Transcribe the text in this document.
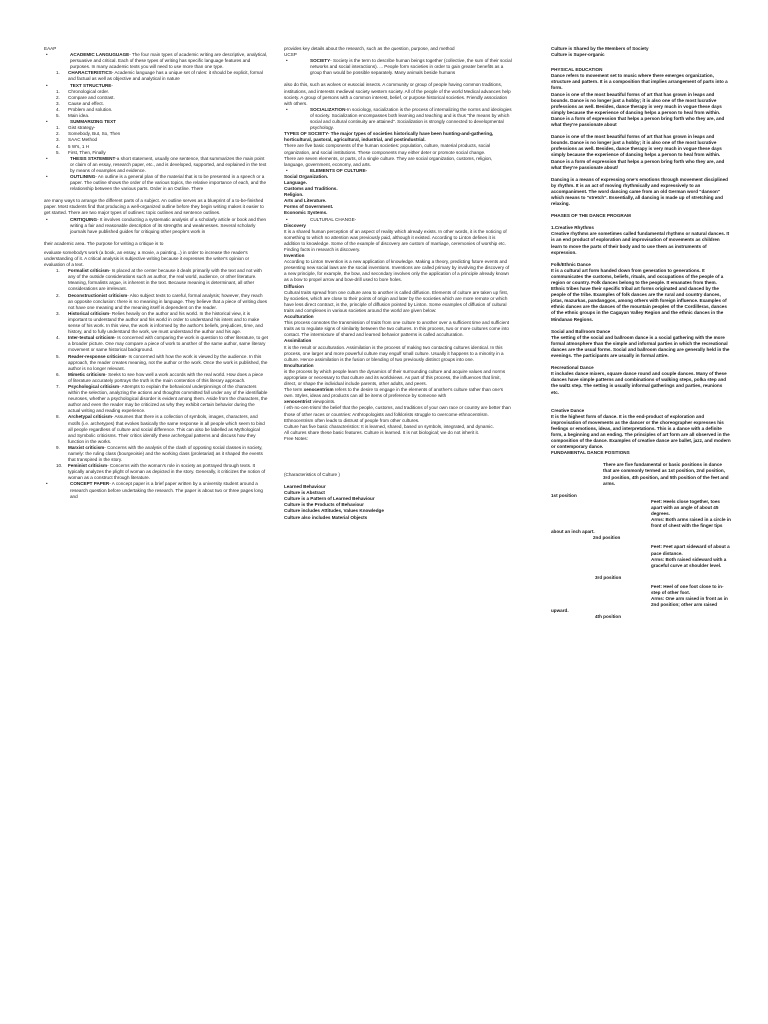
EAAP
•	ACADEMIC LANGUGUAGE- The four main types of academic writing are descriptive, analytical, persuasive and critical. Each of these types of writing has specific language features and purposes. In many academic texts you will need to use more than one type.
1.	CHARACTERISTICS- Academic language has a unique set of rules: it should be explicit, formal and factual as well as objective and analytical in nature
•	TEXT STRUCTURE-
1.	Chronological order.
2.	Compare and contrast.
3.	Cause and effect.
4.	Problem and solution.
5.	Main idea.
•	SUMMARIZING TEXT
1.	Gist strategy-
2.	Somebody, But, So, Then
3.	SAAC Method
4.	5 W's, 1 H
5.	First, Then, Finally
•	THESIS STATEMENT-a short statement, usually one sentence, that summarizes the main point or claim of an essay, research paper, etc., and is developed, supported, and explained in the text by means of examples and evidence.
•	OUTLINING- An outline is a general plan of the material that is to be presented in a speech or a paper. The outline shows the order of the various topics, the relative importance of each, and the relationship between the various parts. Order in an Outline. There
are many ways to arrange the different parts of a subject. An outline serves as a blueprint of a to-be-finished paper. Most students find that producing a well-organized outline before they begin writing makes it easier to get started. There are two major types of outlines: topic outlines and sentence outlines.
•	CRITIQUING- It involves conducting a systematic analysis of a scholarly article or book and then writing a fair and reasonable description of its strengths and weaknesses. Several scholarly journals have published guides for critiquing other people's work in
their academic area. The purpose for writing a critique is to
evaluate somebody's work (a book, an essay, a movie, a painting...) in order to increase the reader's understanding of it. A critical analysis is subjective writing because it expresses the writer's opinion or evaluation of a text.
1.	Formalist criticism- Is placed at the center because it deals primarily with the text and not with any of the outside considerations such as author, the real world, audience, or other literature. Meaning, formalists argue, is inherent in the text. Because meaning is determinant, all other considerations are irrelevant.
2.	Deconstructionist criticism- Also subject texts to careful, formal analysis; however, they reach an opposite conclusion: there is no meaning in language. They believe that a piece of writing does not have one meaning and the meaning itself is dependent on the reader.
3.	Historical criticism- Relies heavily on the author and his world. In the historical view, it is important to understand the author and his world in order to understand his intent and to make sense of his work. In this view, the work is informed by the author's beliefs, prejudices, time, and history, and to fully understand the work, we must understand the author and his age.
4.	Inter-textual criticism- Is concerned with comparing the work in question to other literature, to get a broader picture. One may compare a piece of work to another of the same author, same literary movement or same historical background.
5.	Reader-response criticism- Is concerned with how the work is viewed by the audience. In this approach, the reader creates meaning, not the author or the work. Once the work is published, the author is no longer relevant.
6.	Mimetic criticism- Seeks to see how well a work accords with the real world. How does a piece of literature accurately portrays the truth is the main contention of this literary approach.
7.	Psychological criticism- Attempts to explain the behavioral underpinnings of the characters within the selection, analyzing the actions and thoughts committed fall under any of the identifiable neuroses, whether a psychological disorder is evident among them. Aside from the characters, the author and even the reader may be criticized as why they exhibit certain behavior during the actual writing and reading experience.
8.	Archetypal criticism- Assumes that there is a collection of symbols, images, characters, and motifs (i.e. archetypes) that evokes basically the same response in all people which seem to bind all people regardless of culture and social difference. This can also be labelled as Mythological and Symbolic criticisms. Their critics identify these archetypal patterns and discuss how they function in the works.
9.	Marxist criticism- Concerns with the analysis of the clash of opposing social classes in society, namely: the ruling class (bourgeoisie) and the working class (proletariat) as it shaped the events that transpired in the story.
10.	Feminist criticism- Concerns with the woman's role in society as portrayed through texts. It typically analyzes the plight of woman as depicted in the story. Generally, it criticizes the notion of woman as a construct through literature.
•	CONCEPT PAPER- A concept paper is a brief paper written by a university student around a research question before undertaking the research. The paper is about two or three pages long and
provides key details about the research, such as the question, purpose, and method
UCSP
•	SOCIETY- Society is the term to describe human beings together (collective, the sum of their social networks and social interactions). ... People form societies in order to gain greater benefits as a group than would be possible separately. Many animals beside humans
also do this, such as wolves or eusocial insects. A community or group of people having common traditions, institutions, and interests medieval society western society. All of the people of the world Medical advances help society. A group of persons with a common interest, belief, or purpose historical societies. Friendly association with others.
•	SOCIALIZATION-In sociology, socialization is the process of internalizing the norms and ideologies of society. Socialization encompasses both learning and teaching and is thus "the means by which social and cultural continuity are attained". Socialization is strongly connected to developmental psychology.
TYPES OF SOCIETY- The major types of societies historically have been hunting-and-gathering, horticultural, pastoral, agricultural, industrial, and postindustrial.
There are five basic components of the human societies: population, culture, material products, social organization, and social institutions. These components may either deter or promote social change.
There are seven elements, or parts, of a single culture. They are social organization, customs, religion, language, government, economy, and arts.
•	ELEMENTS OF CULTURE-
Social Organization.
Language.
Customs and Traditions.
Religion.
Arts and Literature.
Forms of Government.
Economic Systems.
•	CULTURAL CHANGE-
Discovery
It is a shared human perception of an aspect of reality which already exists. In other words, it is the noticing of something to which no attention was previously paid, although it existed. According to Linton defines it is addition to knowledge. Some of the example of discovery are custom of marriage, ceremonies of worship etc. Finding facts in research is discovery.
Invention
According to Linton Invention is a new application of knowledge. Making a theory, predicting future events and presenting new social laws are the social inventions. Inventions are called primary by involving the discovery of a new principle, for example, the bow, and secondary involves only the application of a principle already known as a bow to propel arrow and bow-drill used to bore holes.
Diffusion
Cultural traits spread from one culture area to another is called diffusion. Elements of culture are taken up first, by societies, which are close to their points of origin and later by the societies which are more remote or which have less direct contract, is the, principle of diffusion pointed by Linton. Some examples of diffusion of cultural traits and complexes in various societies around the world are given below:
Acculturation
This process connotes the transmission of traits from one culture to another over a sufficient time and sufficient traits as to regulate signs of similarity between the two cultures. In this process, two or more cultures come into contact. The intermixture of shared and learned behavior patterns is called acculturation.
Assimilation
It is the result or acculturation. Assimilation is the process of making two contacting cultures identical. In this process, one larger and more powerful culture may engulf small culture. Usually it happens to a minority in a culture. Hence assimilation is the fusion or blending of two previously distinct groups into one.
Enculturation
is the process by which people learn the dynamics of their surrounding culture and acquire values and norms appropriate or necessary to that culture and its worldviews. As part of this process, the influences that limit, direct, or shape the individual include parents, other adults, and peers.
The term xenocentrism refers to the desire to engage in the elements of another's culture rather than one's own. Styles, ideas and products can all be items of preference by someone with
xenocentrist viewpoints.
/ eth·no·cen·trism/ the belief that the people, customs, and traditions of your own race or country are better than those of other races or countries: Anthropologists and folklorists struggle to overcome ethnocentrism. Ethnocentrism often leads to distrust of people from other cultures.
Culture has five basic characteristics: It is learned, shared, based on symbols, integrated, and dynamic.
All cultures share these basic features. Culture is learned. It is not biological; we do not inherit it.
Free Notes:
(Characteristics of Culture )
Learned Behaviour
Culture is Abstract
Culture is a Pattern of Learned Behaviour
Culture is the Products of Behaviour
Culture includes Attitudes, Values Knowledge
Culture also includes Material Objects
Culture is Shared by the Members of Society
Culture is Super-organic
PHYSICAL EDUCATION
Dance refers to movement set to music where there emerges organization, structure and pattern. It is a composition that implies arrangement of parts into a form.
Dance is one of the most beautiful forms of art that has grown in leaps and bounds. Dance is no longer just a hobby; it is also one of the most lucrative professions as well. Besides, dance therapy is very much in vogue these days simply because the experience of dancing helps a person to heal from within. Dance is a form of expression that helps a person bring forth who they are, and what they're passionate about
Dance is one of the most beautiful forms of art that has grown in leaps and bounds. Dance is no longer just a hobby; it is also one of the most lucrative professions as well. Besides, dance therapy is very much in vogue these days simply because the experience of dancing helps a person to heal from within. Dance is a form of expression that helps a person bring forth who they are, and what they're passionate about/
Dancing is a means of expressing one's emotions through movement disciplined by rhythm. It is an act of moving rhythmically and expressively to an accompaniment. The word dancing came from an old German word "danson" which means to "stretch". Essentially, all dancing is made up of stretching and relaxing.
PHASES OF THE DANCE PROGRAM
1.Creative Rhythms
Creative rhythms are sometimes called fundamental rhythms or natural dances. It is an end product of exploration and improvisation of movements as children learn to move the parts of their body and to use them as instruments of expression.
Folk/Ethnic Dance
It is a cultural art form handed down from generation to generations. It communicates the customs, beliefs, rituals, and occupations of the people of a region or country. Folk dances belong to the people. It emanates from them. Ethnic tribes have their specific tribal art forms originated and danced by the people of the tribe. Examples of folk dances are the rural and country dances, jotas, mazurkas, pandanggos, among others with foreign influence. Examples of ethnic dances are the dances of the mountain peoples of the Cordilleras, dances of the ethnic groups in the Cagayan Valley Region and the ethnic dances in the Mindanao Regions.
Social and Ballroom Dance
The setting of the social and ballroom dance is a social gathering with the more formal atmosphere than the simple and informal parties in which the recreational dances are the usual forms. Social and ballroom dancing are generally held in the evenings. The participants are usually in formal attire.
Recreational Dance
It includes dance mixers, square dance round and couple dances. Many of these dances have simple patterns and combinations of walking steps, polka step and the waltz step. The setting is usually informal gatherings and parties, reunions etc.
Creative Dance
It is the highest form of dance. It is the end-product of exploration and improvisation of movements as the dancer or the choreographer expresses his feelings or emotions, ideas, and interpretations. This is a dance with a definite form, a beginning and an ending. The principles of art form are all observed in the composition of the dance. Examples of creative dance are ballet, jazz, and modern or contemporary dance.
FUNDAMENTAL DANCE POSITIONS
There are five fundamental or basic positions in dance that are commonly termed as 1st position, 2nd position, 3rd position, 4th position, and 5th position of the feet and arms.
1st position
Feet: Heels close together, toes apart with an angle of about 45 degrees.
Arms: Both arms raised in a circle in front of chest with the finger tips
about an inch apart.
2nd position
Feet: Feet apart sideward of about a pace distance.
Arms: Both raised sideward with a graceful curve at shoulder level.
3rd position
Feet: Heel of one foot close to in-step of other foot.
Arms: One arm raised in front as in 2nd position; other arm raised
upward.
4th position
